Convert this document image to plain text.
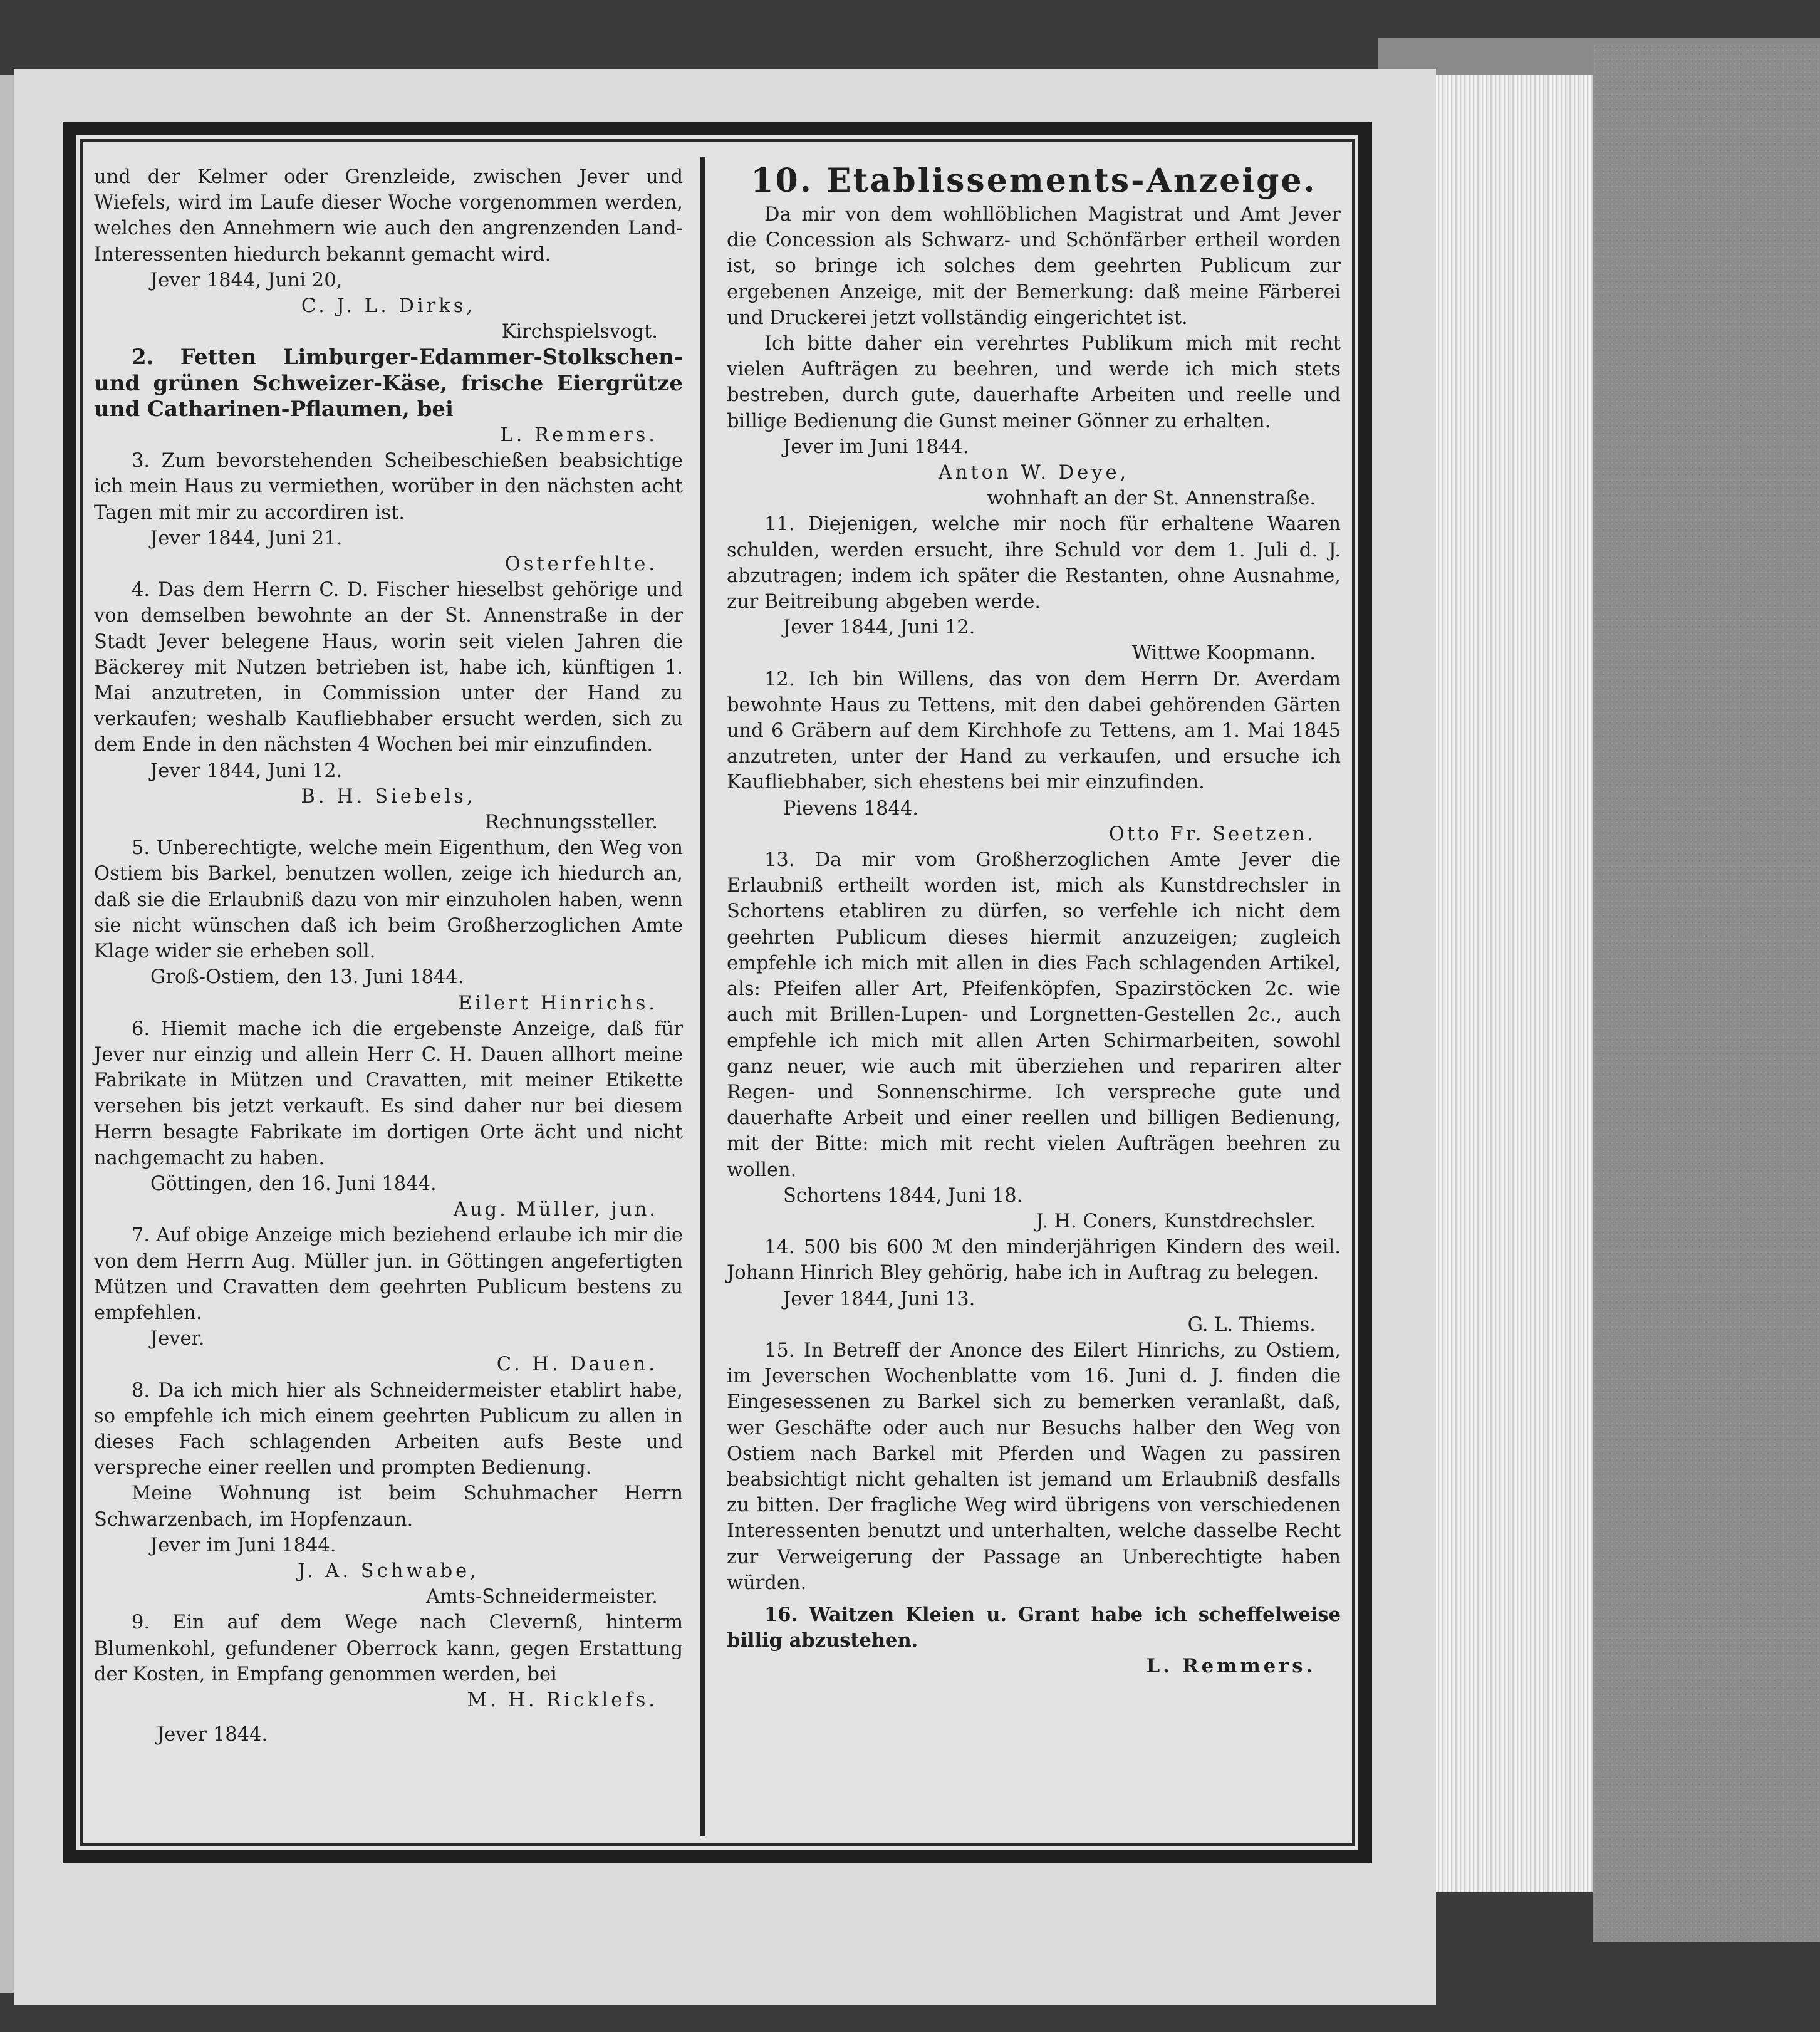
und der Kelmer oder Grenzleide, zwischen Jever und Wiefels, wird im Laufe dieser Woche vorgenommen werden, welches den Annehmern wie auch den angrenzenden Land-Interessenten hiedurch bekannt gemacht wird.

Jever 1844, Juni 20,

C. J. L. Dirks,

Kirchspielsvogt.

2. Fetten Limburger-Edammer-Stolkschen- und grünen Schweizer-Käse, frische Eiergrütze und Catharinen-Pflaumen, bei

L. Remmers.

3. Zum bevorstehenden Scheibeschießen beabsichtige ich mein Haus zu vermiethen, worüber in den nächsten acht Tagen mit mir zu accordiren ist.

Jever 1844, Juni 21.

Osterfehlte.

4. Das dem Herrn C. D. Fischer hieselbst gehörige und von demselben bewohnte an der St. Annenstraße in der Stadt Jever belegene Haus, worin seit vielen Jahren die Bäckerey mit Nutzen betrieben ist, habe ich, künftigen 1. Mai anzutreten, in Commission unter der Hand zu verkaufen; weshalb Kaufliebhaber ersucht werden, sich zu dem Ende in den nächsten 4 Wochen bei mir einzufinden.

Jever 1844, Juni 12.

B. H. Siebels,

Rechnungssteller.

5. Unberechtigte, welche mein Eigenthum, den Weg von Ostiem bis Barkel, benutzen wollen, zeige ich hiedurch an, daß sie die Erlaubniß dazu von mir einzuholen haben, wenn sie nicht wünschen daß ich beim Großherzoglichen Amte Klage wider sie erheben soll.

Groß-Ostiem, den 13. Juni 1844.

Eilert Hinrichs.

6. Hiemit mache ich die ergebenste Anzeige, daß für Jever nur einzig und allein Herr C. H. Dauen allhort meine Fabrikate in Mützen und Cravatten, mit meiner Etikette versehen bis jetzt verkauft. Es sind daher nur bei diesem Herrn besagte Fabrikate im dortigen Orte ächt und nicht nachgemacht zu haben.

Göttingen, den 16. Juni 1844.

Aug. Müller, jun.

7. Auf obige Anzeige mich beziehend erlaube ich mir die von dem Herrn Aug. Müller jun. in Göttingen angefertigten Mützen und Cravatten dem geehrten Publicum bestens zu empfehlen.

Jever.

C. H. Dauen.

8. Da ich mich hier als Schneidermeister etablirt habe, so empfehle ich mich einem geehrten Publicum zu allen in dieses Fach schlagenden Arbeiten aufs Beste und verspreche einer reellen und prompten Bedienung.

Meine Wohnung ist beim Schuhmacher Herrn Schwarzenbach, im Hopfenzaun.

Jever im Juni 1844.

J. A. Schwabe,

Amts-Schneidermeister.

9. Ein auf dem Wege nach Clevernß, hinterm Blumenkohl, gefundener Oberrock kann, gegen Erstattung der Kosten, in Empfang genommen werden, bei

M. H. Ricklefs.

Jever 1844.

10. Etablissements-Anzeige.

Da mir von dem wohllöblichen Magistrat und Amt Jever die Concession als Schwarz- und Schönfärber ertheil worden ist, so bringe ich solches dem geehrten Publicum zur ergebenen Anzeige, mit der Bemerkung: daß meine Färberei und Druckerei jetzt vollständig eingerichtet ist.

Ich bitte daher ein verehrtes Publikum mich mit recht vielen Aufträgen zu beehren, und werde ich mich stets bestreben, durch gute, dauerhafte Arbeiten und reelle und billige Bedienung die Gunst meiner Gönner zu erhalten.

Jever im Juni 1844.

Anton W. Deye,

wohnhaft an der St. Annenstraße.

11. Diejenigen, welche mir noch für erhaltene Waaren schulden, werden ersucht, ihre Schuld vor dem 1. Juli d. J. abzutragen; indem ich später die Restanten, ohne Ausnahme, zur Beitreibung abgeben werde.

Jever 1844, Juni 12.

Wittwe Koopmann.

12. Ich bin Willens, das von dem Herrn Dr. Averdam bewohnte Haus zu Tettens, mit den dabei gehörenden Gärten und 6 Gräbern auf dem Kirchhofe zu Tettens, am 1. Mai 1845 anzutreten, unter der Hand zu verkaufen, und ersuche ich Kaufliebhaber, sich ehestens bei mir einzufinden.

Pievens 1844.

Otto Fr. Seetzen.

13. Da mir vom Großherzoglichen Amte Jever die Erlaubniß ertheilt worden ist, mich als Kunstdrechsler in Schortens etabliren zu dürfen, so verfehle ich nicht dem geehrten Publicum dieses hiermit anzuzeigen; zugleich empfehle ich mich mit allen in dies Fach schlagenden Artikel, als: Pfeifen aller Art, Pfeifenköpfen, Spazirstöcken 2c. wie auch mit Brillen-Lupen- und Lorgnetten-Gestellen 2c., auch empfehle ich mich mit allen Arten Schirmarbeiten, sowohl ganz neuer, wie auch mit überziehen und repariren alter Regen- und Sonnenschirme. Ich verspreche gute und dauerhafte Arbeit und einer reellen und billigen Bedienung, mit der Bitte: mich mit recht vielen Aufträgen beehren zu wollen.

Schortens 1844, Juni 18.

J. H. Coners, Kunstdrechsler.

14. 500 bis 600 ℳ den minderjährigen Kindern des weil. Johann Hinrich Bley gehörig, habe ich in Auftrag zu belegen.

Jever 1844, Juni 13.

G. L. Thiems.

15. In Betreff der Anonce des Eilert Hinrichs, zu Ostiem, im Jeverschen Wochenblatte vom 16. Juni d. J. finden die Eingesessenen zu Barkel sich zu bemerken veranlaßt, daß, wer Geschäfte oder auch nur Besuchs halber den Weg von Ostiem nach Barkel mit Pferden und Wagen zu passiren beabsichtigt nicht gehalten ist jemand um Erlaubniß desfalls zu bitten. Der fragliche Weg wird übrigens von verschiedenen Interessenten benutzt und unterhalten, welche dasselbe Recht zur Verweigerung der Passage an Unberechtigte haben würden.

16. Waitzen Kleien u. Grant habe ich scheffelweise billig abzustehen.

L. Remmers.
